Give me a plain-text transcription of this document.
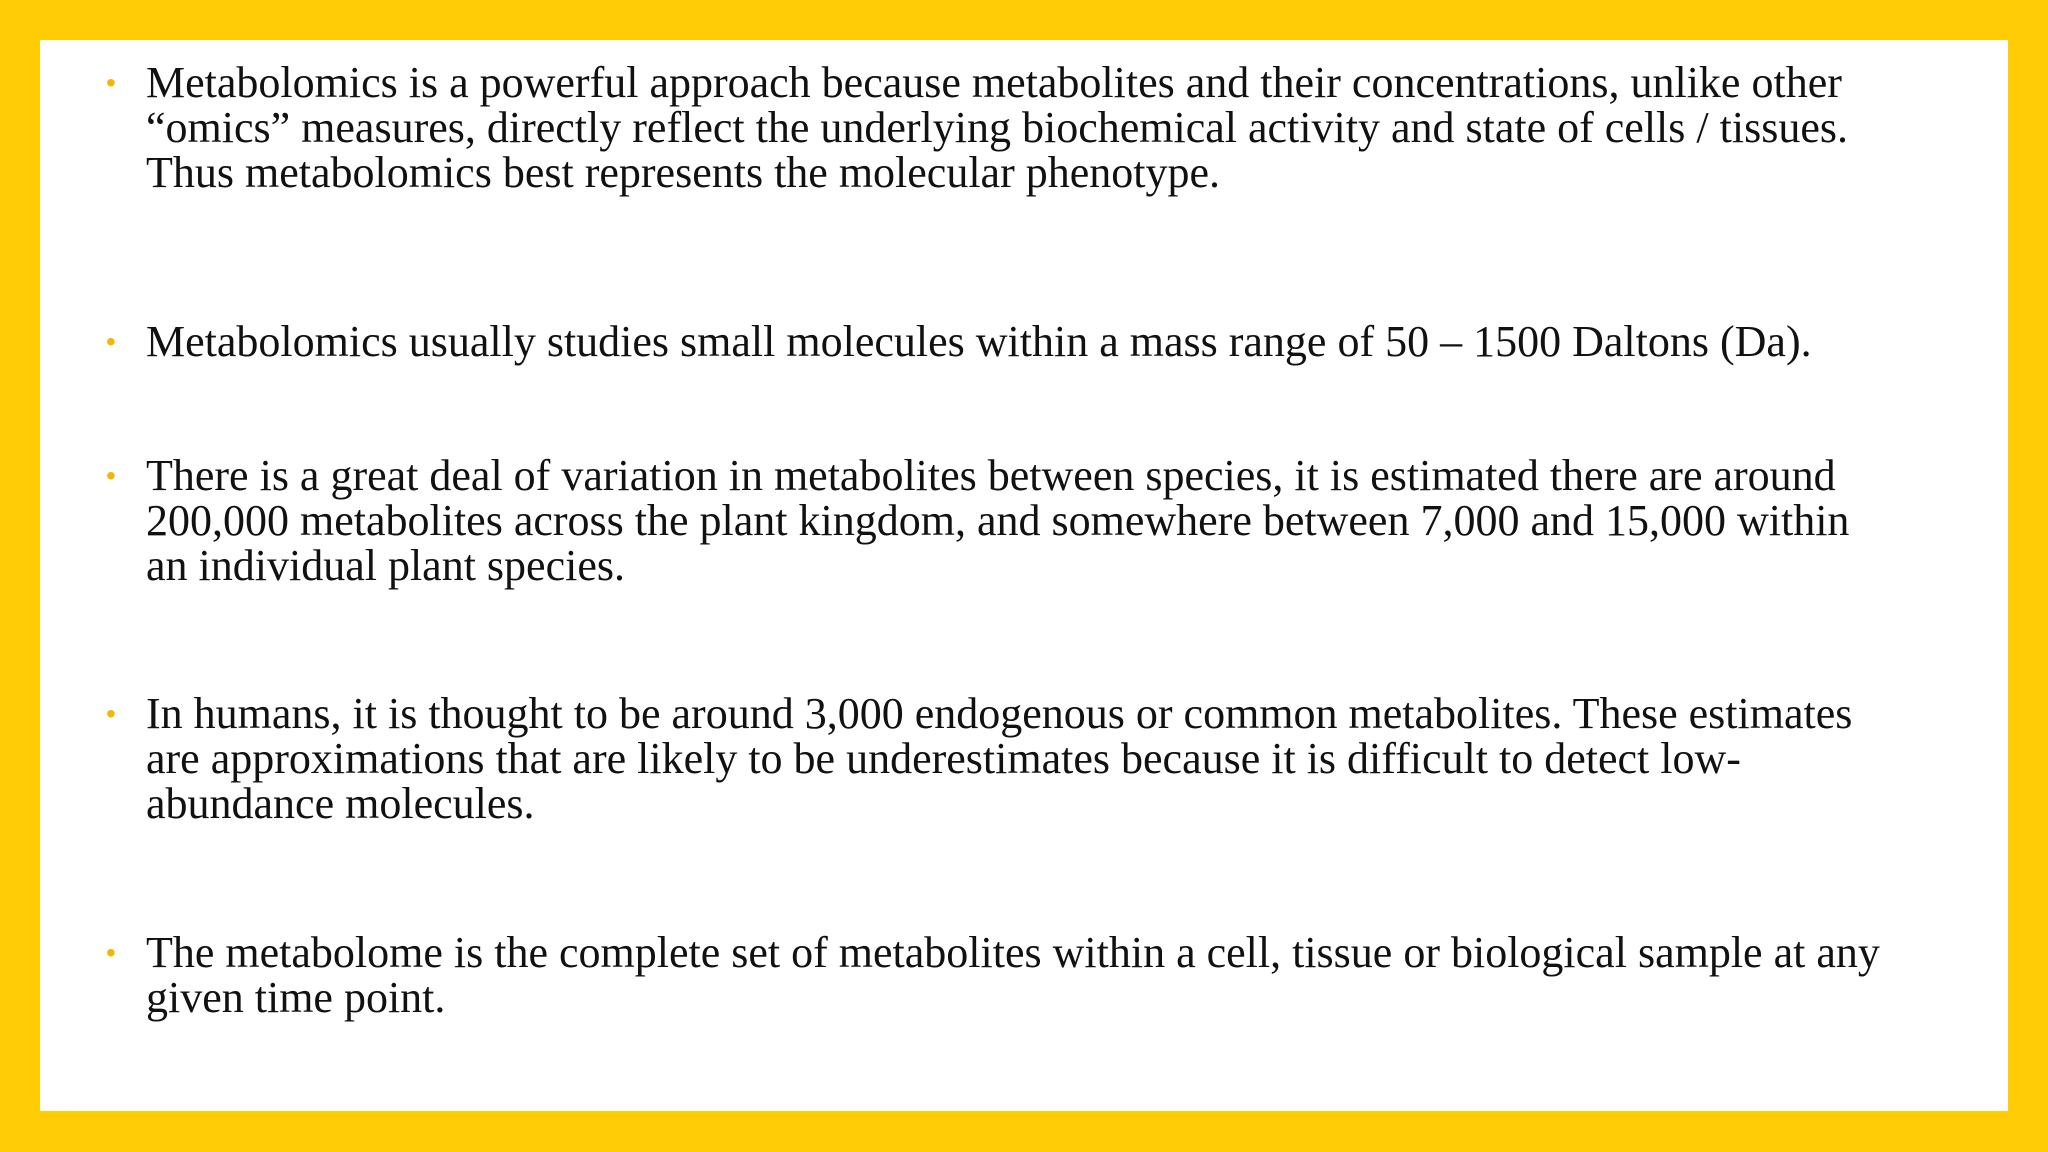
• Metabolomics is a powerful approach because metabolites and their concentrations, unlike other
“omics” measures, directly reflect the underlying biochemical activity and state of cells / tissues.
Thus metabolomics best represents the molecular phenotype.
• Metabolomics usually studies small molecules within a mass range of 50 – 1500 Daltons (Da).
• There is a great deal of variation in metabolites between species, it is estimated there are around
200,000 metabolites across the plant kingdom, and somewhere between 7,000 and 15,000 within
an individual plant species.
• In humans, it is thought to be around 3,000 endogenous or common metabolites. These estimates
are approximations that are likely to be underestimates because it is difficult to detect low-
abundance molecules.
• The metabolome is the complete set of metabolites within a cell, tissue or biological sample at any
given time point.
